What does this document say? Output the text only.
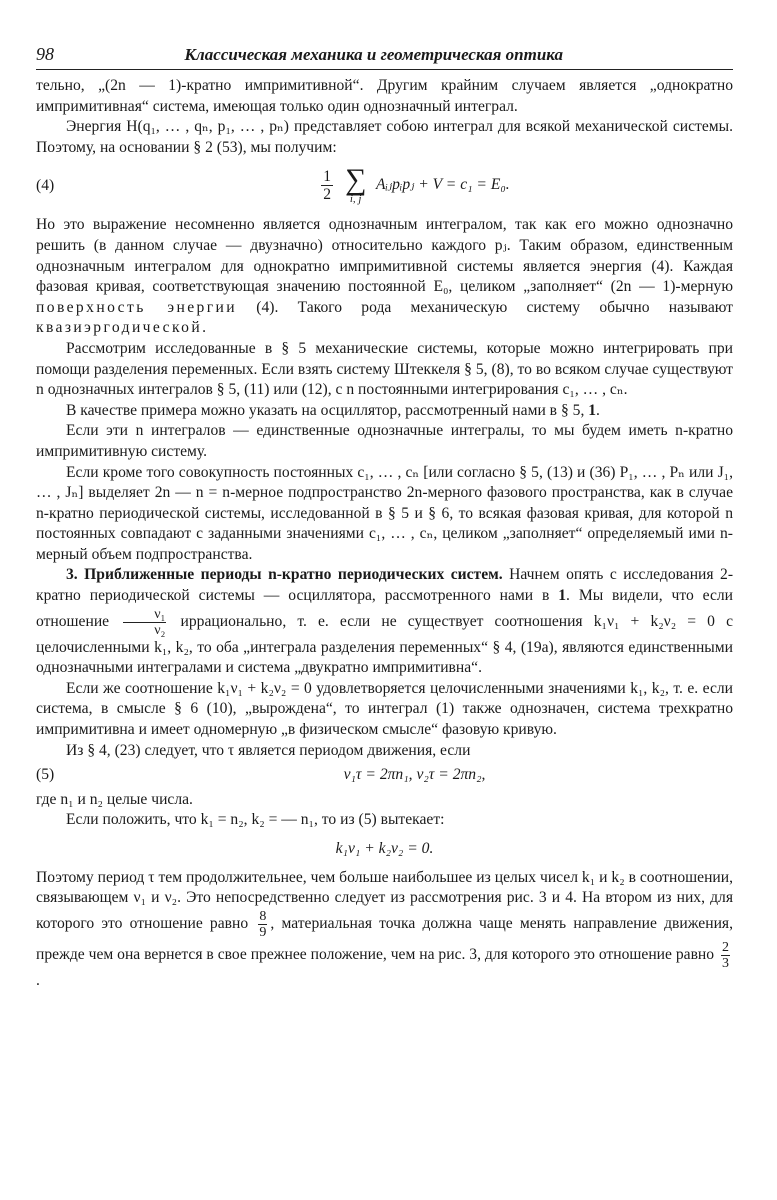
98	Классическая механика и геометрическая оптика

тельно, „(2n — 1)-кратно импримитивной“. Другим крайним случаем является „однократно импримитивная“ система, имеющая только один однозначный интеграл.

Энергия H(q₁, … , qₙ, p₁, … , pₙ) представляет собою интеграл для всякой механической системы. Поэтому, на основании § 2 (53), мы получим:

(4)	$\frac{1}{2}$
∑
i, j
Aᵢⱼpᵢpⱼ + V = c₁ = E₀.

Но это выражение несомненно является однозначным интегралом, так как его можно однозначно решить (в данном случае — двузначно) относительно каждого pⱼ. Таким образом, единственным однозначным интегралом для однократно импримитивной системы является энергия (4). Каждая фазовая кривая, соответствующая значению постоянной E₀, целиком „заполняет“ (2n — 1)-мерную поверхность энергии (4). Такого рода механическую систему обычно называют квазиэргодической.

Рассмотрим исследованные в § 5 механические системы, которые можно интегрировать при помощи разделения переменных. Если взять систему Штеккеля § 5, (8), то во всяком случае существуют n однозначных интегралов § 5, (11) или (12), с n постоянными интегрирования c₁, … , cₙ.

В качестве примера можно указать на осциллятор, рассмотренный нами в § 5, 1.

Если эти n интегралов — единственные однозначные интегралы, то мы будем иметь n-кратно импримитивную систему.

Если кроме того совокупность постоянных c₁, … , cₙ [или согласно § 5, (13) и (36) P₁, … , Pₙ или J₁, … , Jₙ] выделяет 2n — n = n-мерное подпространство 2n-мерного фазового пространства, как в случае n-кратно периодической системы, исследованной в § 5 и § 6, то всякая фазовая кривая, для которой n постоянных совпадают с заданными значениями c₁, … , cₙ, целиком „заполняет“ определяемый ими n-мерный объем подпространства.

3. Приближенные периоды n-кратно периодических систем. Начнем опять с исследования 2-кратно периодической системы — осциллятора, рассмотренного нами в 1. Мы видели, что если отношение $\frac{\text{ν₁}}{\text{ν₂}}$ иррационально, т. е. если не существует соотношения k₁ν₁ + k₂ν₂ = 0 с целочисленными k₁, k₂, то оба „интеграла разделения переменных“ § 4, (19а), являются единственными однозначными интегралами и система „двукратно импримитивна“.

Если же соотношение k₁ν₁ + k₂ν₂ = 0 удовлетворяется целочисленными значениями k₁, k₂, т. е. если система, в смысле § 6 (10), „вырождена“, то интеграл (1) также однозначен, система трехкратно импримитивна и имеет одномерную „в физическом смысле“ фазовую кривую.

Из § 4, (23) следует, что τ является периодом движения, если

(5)	ν₁τ = 2πn₁, ν₂τ = 2πn₂,

где n₁ и n₂ целые числа.

Если положить, что k₁ = n₂, k₂ = — n₁, то из (5) вытекает:

k₁ν₁ + k₂ν₂ = 0.

Поэтому период τ тем продолжительнее, чем больше наибольшее из целых чисел k₁ и k₂ в соотношении, связывающем ν₁ и ν₂. Это непосредственно следует из рассмотрения рис. 3 и 4. На втором из них, для которого это отношение равно $\frac{8}{9}$ , материальная точка должна чаще менять направление движения, прежде чем она вернется в свое прежнее положение, чем на рис. 3, для которого это отношение равно $\frac{2}{3}$
.
